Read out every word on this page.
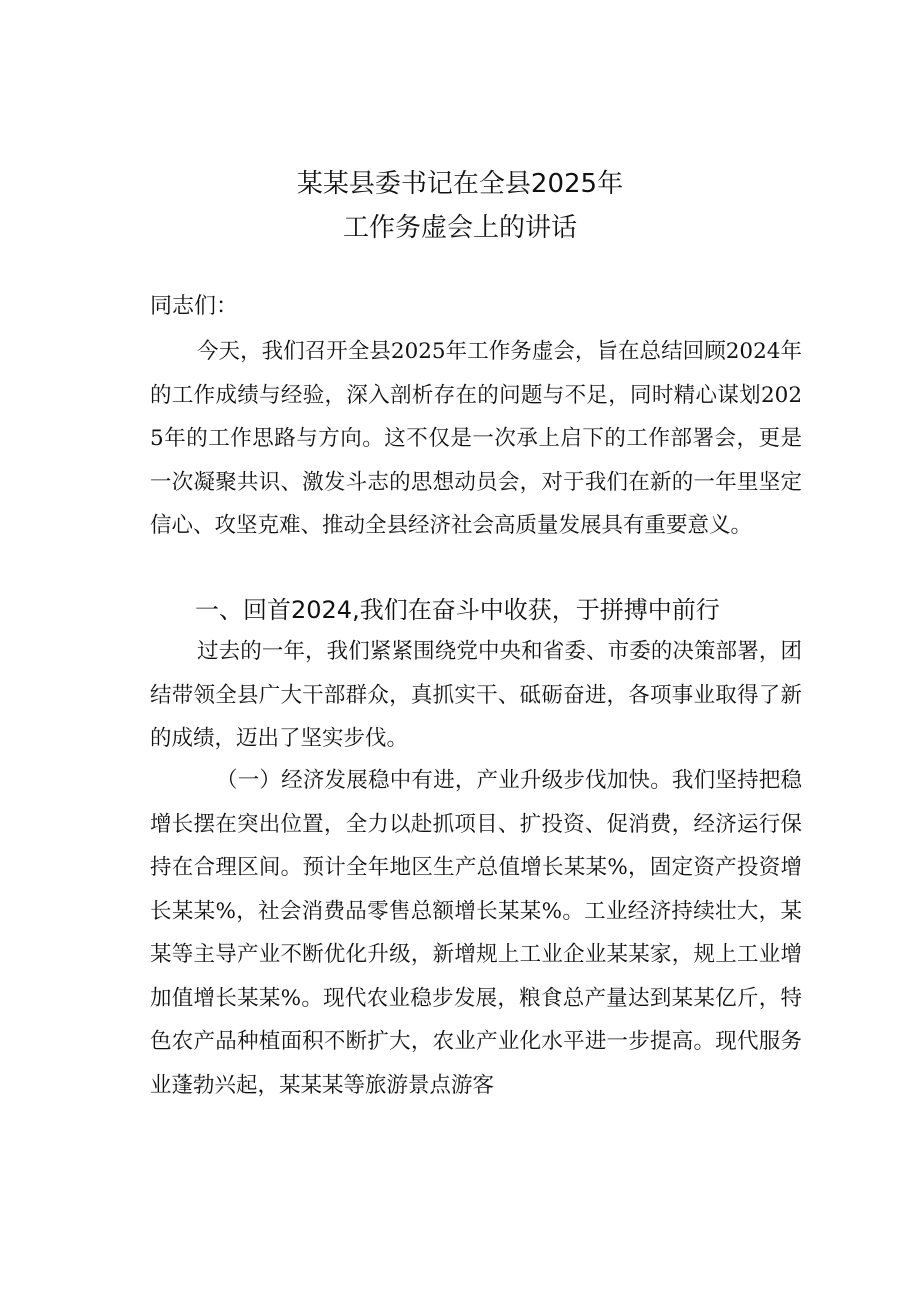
某某县委书记在全县2025年
工作务虚会上的讲话
同志们：
今天，我们召开全县2025年工作务虚会，旨在总结回顾2024年的工作成绩与经验，深入剖析存在的问题与不足，同时精心谋划2025年的工作思路与方向。这不仅是一次承上启下的工作部署会，更是一次凝聚共识、激发斗志的思想动员会，对于我们在新的一年里坚定信心、攻坚克难、推动全县经济社会高质量发展具有重要意义。
一、回首2024,我们在奋斗中收获，于拼搏中前行
过去的一年，我们紧紧围绕党中央和省委、市委的决策部署，团结带领全县广大干部群众，真抓实干、砥砺奋进，各项事业取得了新的成绩，迈出了坚实步伐。
（一）经济发展稳中有进，产业升级步伐加快。我们坚持把稳增长摆在突出位置，全力以赴抓项目、扩投资、促消费，经济运行保持在合理区间。预计全年地区生产总值增长某某%，固定资产投资增长某某%，社会消费品零售总额增长某某%。工业经济持续壮大，某某等主导产业不断优化升级，新增规上工业企业某某家，规上工业增加值增长某某%。现代农业稳步发展，粮食总产量达到某某亿斤，特色农产品种植面积不断扩大，农业产业化水平进一步提高。现代服务业蓬勃兴起，某某某等旅游景点游客
